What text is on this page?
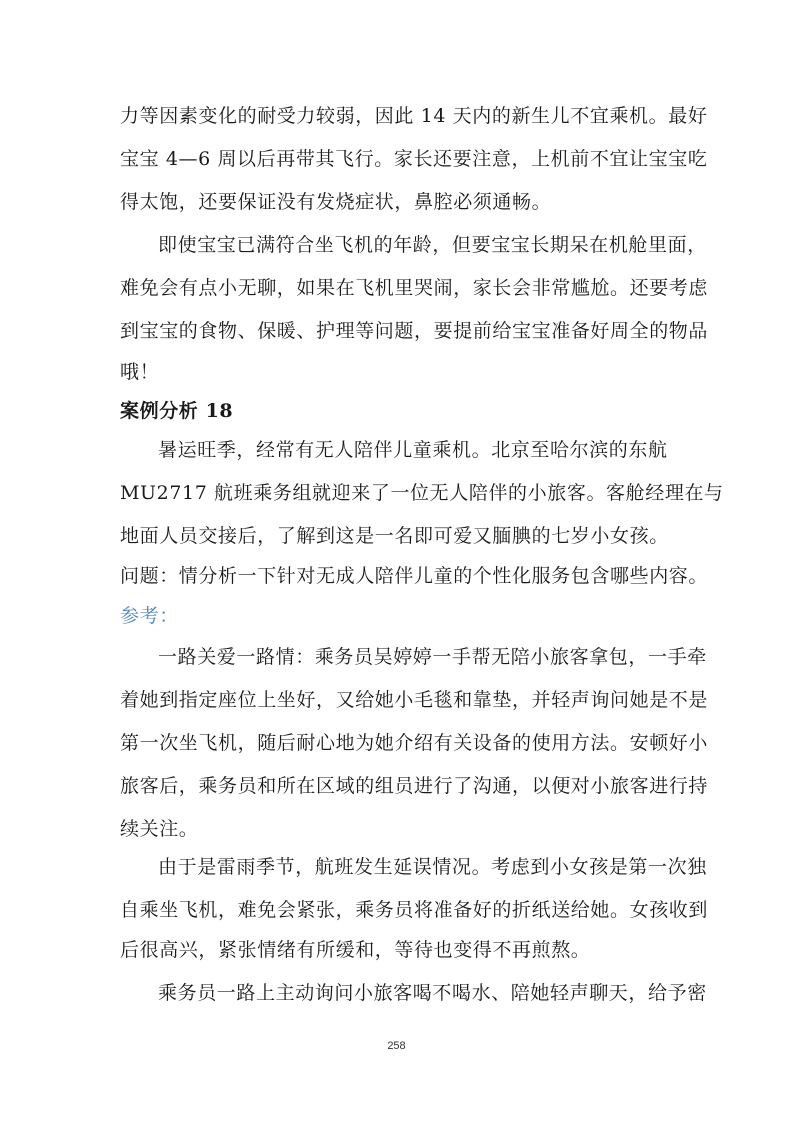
力等因素变化的耐受力较弱，因此 14 天内的新生儿不宜乘机。最好
宝宝 4—6 周以后再带其飞行。家长还要注意，上机前不宜让宝宝吃
得太饱，还要保证没有发烧症状，鼻腔必须通畅。
即使宝宝已满符合坐飞机的年龄，但要宝宝长期呆在机舱里面，
难免会有点小无聊，如果在飞机里哭闹，家长会非常尴尬。还要考虑
到宝宝的食物、保暖、护理等问题，要提前给宝宝准备好周全的物品
哦！
案例分析 18
暑运旺季，经常有无人陪伴儿童乘机。北京至哈尔滨的东航
MU2717 航班乘务组就迎来了一位无人陪伴的小旅客。客舱经理在与
地面人员交接后，了解到这是一名即可爱又腼腆的七岁小女孩。
问题：情分析一下针对无成人陪伴儿童的个性化服务包含哪些内容。
参考：
一路关爱一路情：乘务员吴婷婷一手帮无陪小旅客拿包，一手牵
着她到指定座位上坐好，又给她小毛毯和靠垫，并轻声询问她是不是
第一次坐飞机，随后耐心地为她介绍有关设备的使用方法。安顿好小
旅客后，乘务员和所在区域的组员进行了沟通，以便对小旅客进行持
续关注。
由于是雷雨季节，航班发生延误情况。考虑到小女孩是第一次独
自乘坐飞机，难免会紧张，乘务员将准备好的折纸送给她。女孩收到
后很高兴，紧张情绪有所缓和，等待也变得不再煎熬。
乘务员一路上主动询问小旅客喝不喝水、陪她轻声聊天，给予密
258
